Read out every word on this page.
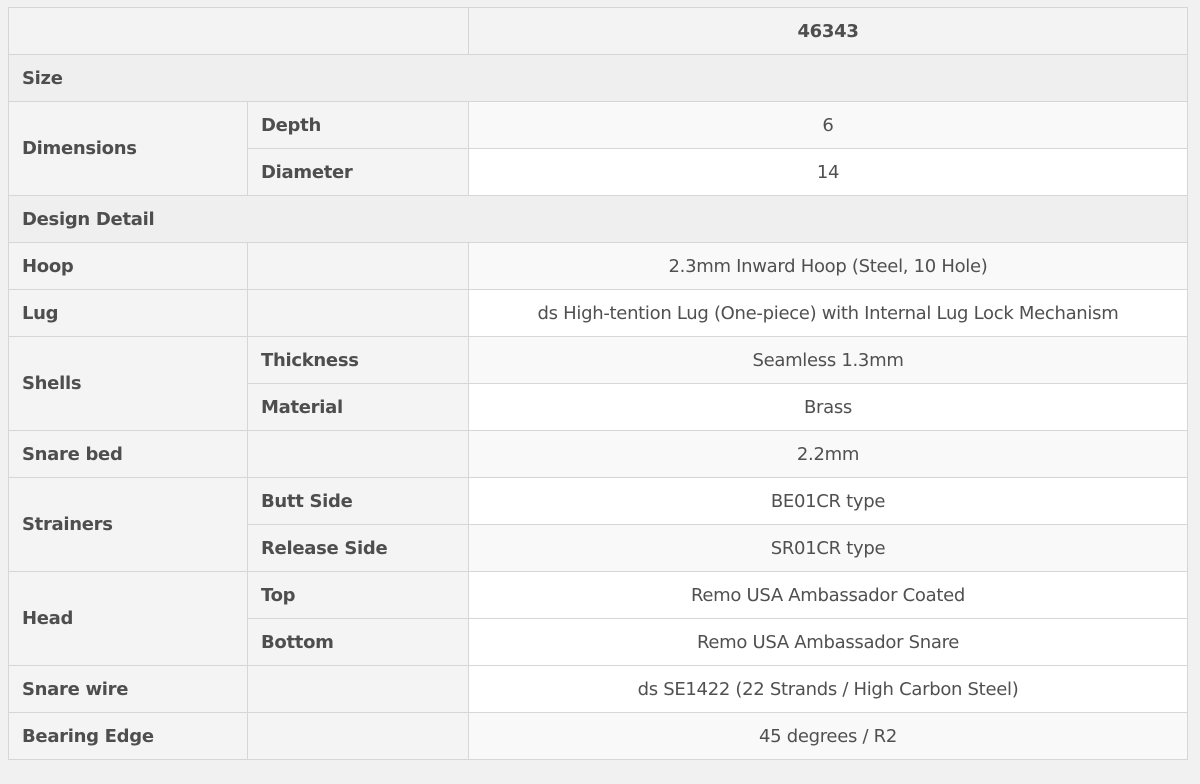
		46343
Size		
Dimensions	Depth	6
	Diameter	14
Design Detail		
Hoop		2.3mm Inward Hoop (Steel, 10 Hole)
Lug		ds High-tention Lug (One-piece) with Internal Lug Lock Mechanism
Shells	Thickness	Seamless 1.3mm
	Material	Brass
Snare bed		2.2mm
Strainers	Butt Side	BE01CR type
	Release Side	SR01CR type
Head	Top	Remo USA Ambassador Coated
	Bottom	Remo USA Ambassador Snare
Snare wire		ds SE1422 (22 Strands / High Carbon Steel)
Bearing Edge		45 degrees / R2
